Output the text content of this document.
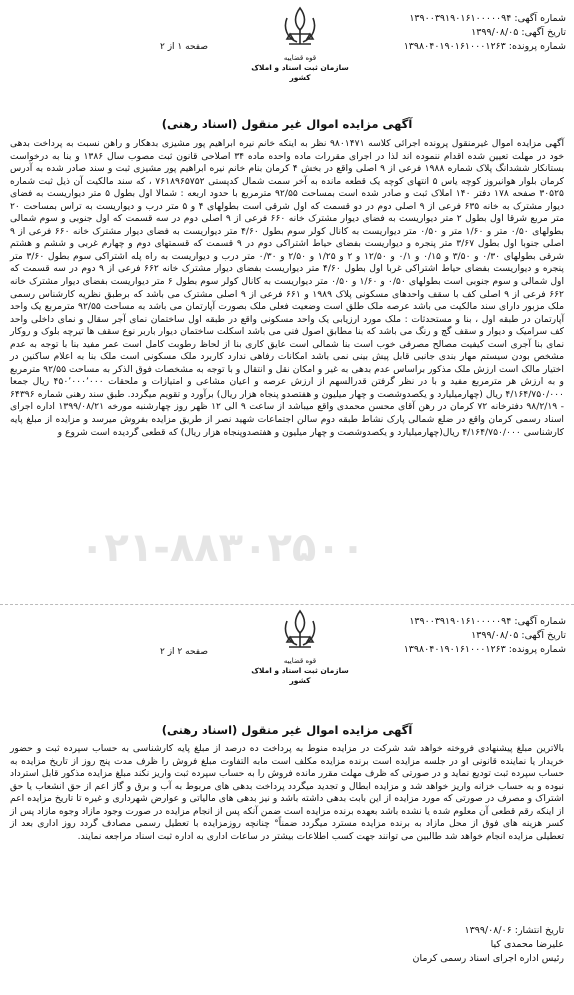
شماره آگهی: ۱۳۹۰۰۳۹۱۹۰۱۶۱۰۰۰۰۰۹۴
تاریخ آگهی: ۱۳۹۹/۰۸/۰۵
شماره پرونده: ۱۳۹۸۰۴۰۱۹۰۱۶۱۰۰۰۱۲۶۳
قوه قضاییه
سازمان ثبت اسناد و املاک کشور
صفحه ۱ از ۲
آگهی مزایده اموال غیر منقول (اسناد رهنی)
آگهی مزایده اموال غیرمنقول پرونده اجرائی کلاسه ۹۸۰۱۴۷۱ نظر به اینکه خانم نیره ابراهیم پور مشیزی بدهکار و راهن نسبت به پرداخت بدهی خود در مهلت تعیین شده اقدام ننموده اند لذا در اجرای مقررات ماده واحده ماده ۳۴ اصلاحی قانون ثبت مصوب سال ۱۳۸۶ و بنا به درخواست بستانکار ششدانگ پلاک شماره ۱۹۸۸ فرعی از ۹ اصلی واقع در بخش ۴ کرمان بنام خانم نیره ابراهیم پور مشیزی ثبت و سند صادر شده به آدرس کرمان بلوار هوانیروز کوچه یاس ۵ انتهای کوچه یک قطعه مانده به آخر سمت شمال کدپستی ۷۶۱۸۹۶۵۷۵۲ ، که سند مالکیت آن ذیل ثبت شماره ۳۰۵۲۵ صفحه ۱۷۸ دفتر ۱۴۰ املاک ثبت و صادر شده است بمساحت ۹۲/۵۵ مترمربع با حدود اربعه : شمالا اول بطول ۵ متر دیواریست به فضای دیوار مشترک به خانه ۶۳۵ فرعی از ۹ اصلی دوم در دو قسمت که اول شرقی است بطولهای ۴ و ۵ متر درب و دیواریست به تراس بمساحت ۲۰ متر مربع شرقا اول بطول ۲ متر دیواریست به فضای دیوار مشترک خانه ۶۶۰ فرعی از ۹ اصلی دوم در سه قسمت که اول جنوبی و سوم شمالی بطولهای ۰/۵۰ متر و ۱/۶۰ متر و ۰/۵۰ متر دیواریست به کانال کولر سوم بطول ۴/۶۰ متر دیواریست به فضای دیوار مشترک خانه ۶۶۰ فرعی از ۹ اصلی جنوبا اول بطول ۳/۶۷ متر پنجره و دیواریست بفضای حیاط اشتراکی دوم در ۹ قسمت که قسمتهای دوم و چهارم غربی و ششم و هشتم شرقی بطولهای ۰/۳۰ و ۳/۵۰ و ۰/۱۵ و ۰/۱ و ۱۲/۵۰ و ۲ و ۱/۲۵ و ۲/۵۰ و ۰/۳۰ متر درب و دیواریست به راه پله اشتراکی سوم بطول ۳/۶۰ متر پنجره و دیواریست بفضای حیاط اشتراکی غربا اول بطول ۴/۶۰ متر دیواریست بفضای دیوار مشترک خانه ۶۶۲ فرعی از ۹ دوم در سه قسمت که اول شمالی و سوم جنوبی است بطولهای ۰/۵۰ و ۱/۶۰ و ۰/۵۰ متر دیواریست به کانال کولر سوم بطول ۶ متر دیواریست بفضای دیوار مشترک خانه ۶۶۲ فرعی از ۹ اصلی کف با سقف واحدهای مسکونی پلاک ۱۹۸۹ و ۶۶۱ فرعی از ۹ اصلی مشترک می باشد که برطبق نظریه کارشناس رسمی ملک مزبور دارای سند مالکیت می باشد عرصه ملک طلق است وضعیت فعلی ملک بصورت آپارتمان می باشد به مساحت ۹۲/۵۵ مترمربع یک واحد آپارتمان در طبقه اول ، بنا و مستحدثات : ملک مورد ارزیابی یک واحد مسکونی واقع در طبقه اول ساختمان نمای آجر سقال و نمای داخلی واحد کف سرامیک و دیوار و سقف گچ و رنگ می باشد که بنا مطابق اصول فنی می باشد اسکلت ساختمان دیوار باربر نوع سقف ها تیرچه بلوک و روکار نمای بنا آجری است کیفیت مصالح مصرفی خوب است بنا شمالی است عایق کاری بنا از لحاظ رطوبت کامل است عمر مفید بنا با توجه به عدم مشخص بودن سیستم مهار بندی جانبی قابل پیش بینی نمی باشد امکانات رفاهی ندارد کاربرد ملک مسکونی است ملک بنا به اعلام ساکنین در اختیار مالک است ارزش ملک مذکور براساس عدم بدهی به غیر و امکان نقل و انتقال و با توجه به مشخصات فوق الذکر به مساحت ۹۲/۵۵ مترمربع و به ارزش هر مترمربع مفید و با در نظر گرفتن قدرالسهم از ارزش عرصه و اعیان مشاعی و امتیازات و ملحقات ۴۵۰٬۰۰۰٬۰۰۰ ریال جمعا ۴/۱۶۴/۷۵۰/۰۰۰ ریال (چهارمیلیارد و یکصدوشصت و چهار میلیون و هفتصدو پنجاه هزار ریال) برآورد و تقویم میگردد. طبق سند رهنی شماره ۶۴۳۹۶ - ۹۸/۲/۱۹ دفترخانه ۷۲ کرمان در رهن آقای محسن محمدی واقع میباشد از ساعت ۹ الی ۱۲ ظهر روز چهارشنبه مورخه ۱۳۹۹/۰۸/۲۱ اداره اجرای اسناد رسمی کرمان واقع در ضلع شمالی پارک نشاط طبقه دوم سالن اجتماعات شهید نصر از طریق مزایده بفروش میرسد و مزایده از مبلغ پایه کارشناسی ۴/۱۶۴/۷۵۰/۰۰۰ ریال(چهارمیلیارد و یکصدوشصت و چهار میلیون و هفتصدوپنجاه هزار ریال) که قطعی گردیده است شروع و
۰۲۱-۸۸۳۰۲۵۰۰
شماره آگهی: ۱۳۹۰۰۳۹۱۹۰۱۶۱۰۰۰۰۰۹۴
تاریخ آگهی: ۱۳۹۹/۰۸/۰۵
شماره پرونده: ۱۳۹۸۰۴۰۱۹۰۱۶۱۰۰۰۱۲۶۳
قوه قضاییه
سازمان ثبت اسناد و املاک کشور
صفحه ۲ از ۲
آگهی مزایده اموال غیر منقول (اسناد رهنی)
بالاترین مبلغ پیشنهادی فروخته خواهد شد شرکت در مزایده منوط به پرداخت ده درصد از مبلغ پایه کارشناسی به حساب سپرده ثبت و حضور خریدار یا نماینده قانونی او در جلسه مزایده است برنده مزایده مکلف است مابه التفاوت مبلغ فروش را ظرف مدت پنج روز از تاریخ مزایده به حساب سپرده ثبت تودیع نماید و در صورتی که ظرف مهلت مقرر مانده فروش را به حساب سپرده ثبت واریز نکند مبلغ مزایده مذکور قابل استرداد نبوده و به حساب خزانه واریز خواهد شد و مزایده ابطال و تجدید میگردد پرداخت بدهی های مربوط به آب و برق و گاز اعم از حق انشعاب یا حق اشتراک و مصرف در صورتی که مورد مزایده از این بابت بدهی داشته باشد و نیز بدهی های مالیاتی و عوارض شهرداری و غیره تا تاریخ مزایده اعم از اینکه رقم قطعی آن معلوم شده یا نشده باشد بعهده برنده مزایده است ضمن آنکه پس از انجام مزایده در صورت وجود مازاد وجوه مازاد پس از کسر هزینه های فوق از محل مازاد به برنده مزایده مسترد میگردد ضمناً° چنانچه روزمزایده با تعطیل رسمی مصادف گردد روز اداری بعد از تعطیلی مزایده انجام خواهد شد طالبین می توانند جهت کسب اطلاعات بیشتر در ساعات اداری به اداره ثبت اسناد مراجعه نمایند.
تاریخ انتشار: ۱۳۹۹/۰۸/۰۶
علیرضا محمدی کیا
رئیس اداره اجرای اسناد رسمی کرمان
